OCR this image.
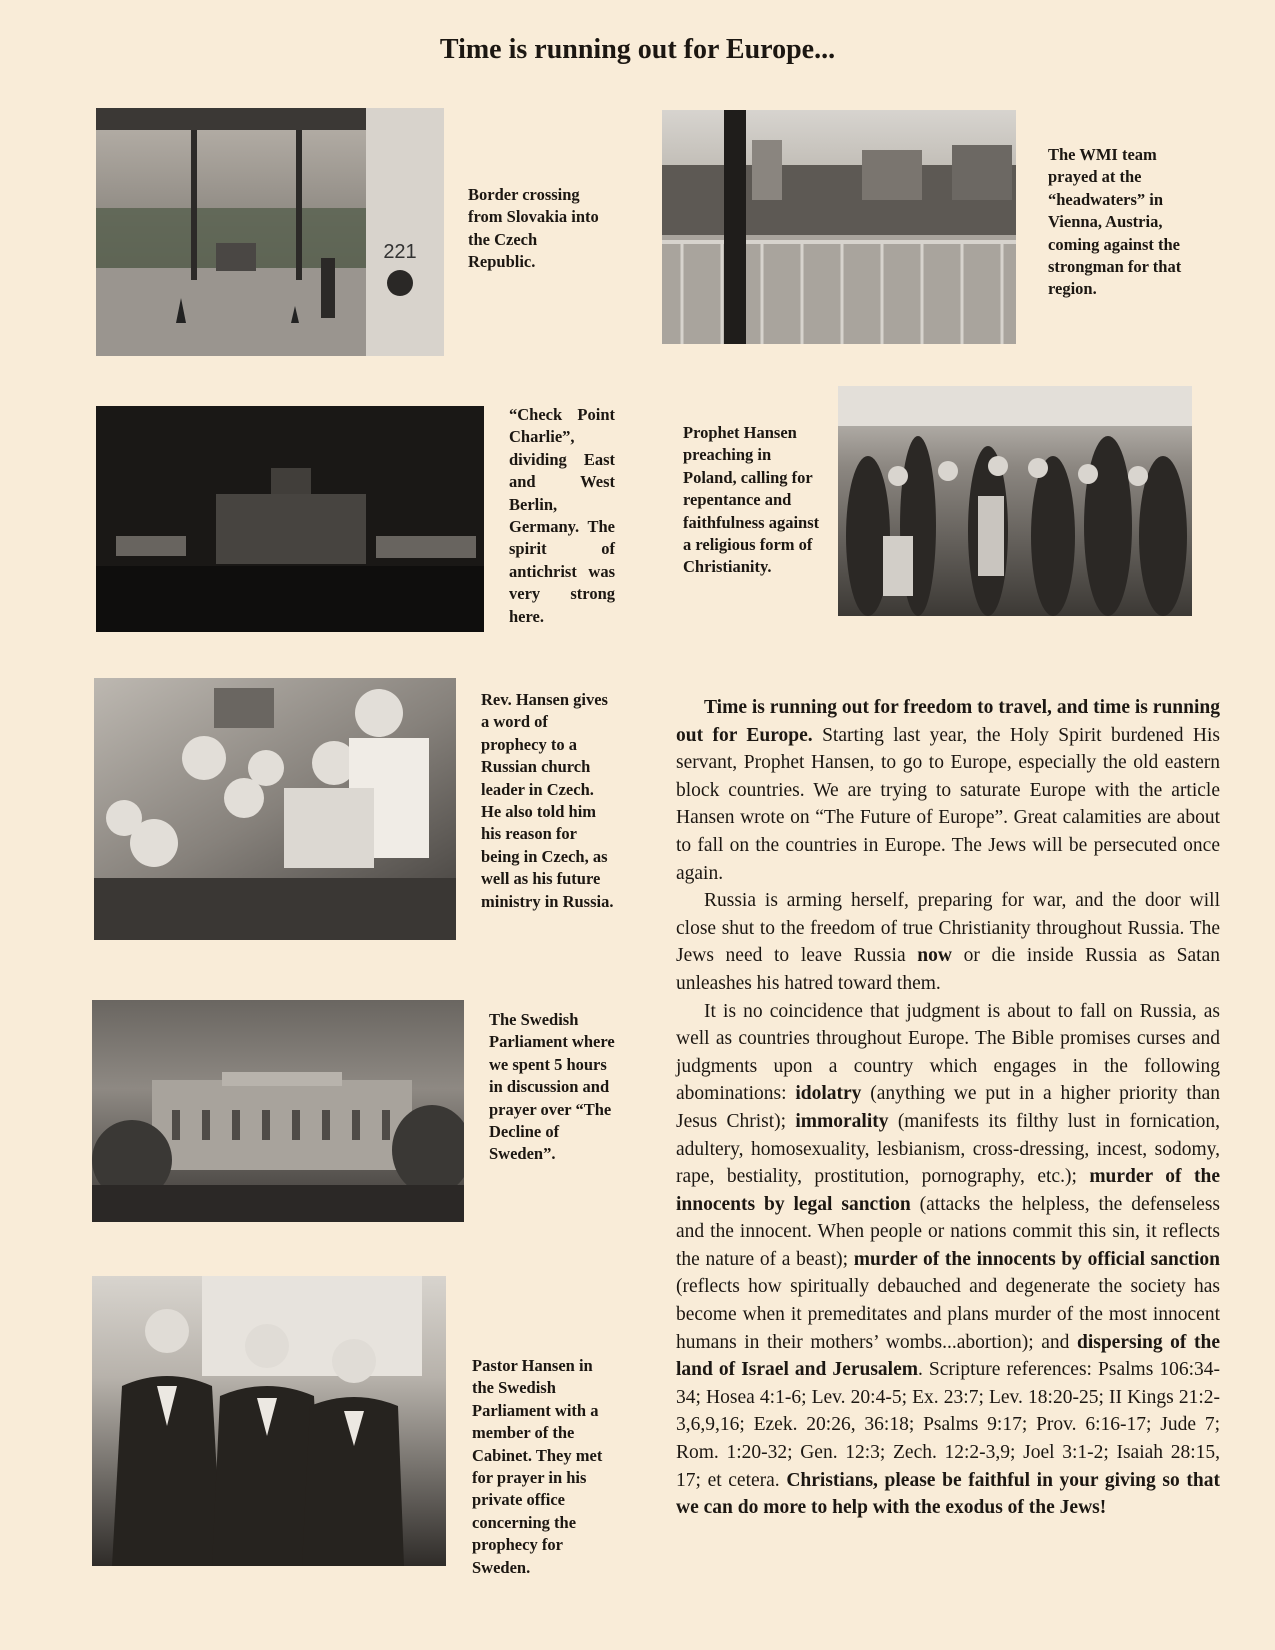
Time is running out for Europe...
221
Border crossing from Slovakia into the Czech Republic.
The WMI team prayed at the “headwaters” in Vienna, Austria, coming against the strongman for that region.
“Check Point Charlie”, dividing East and West Berlin, Germany. The spirit of antichrist was very strong here.
Prophet Hansen preaching in Poland, calling for repentance and faithfulness against a religious form of Christianity.
Rev. Hansen gives a word of prophecy to a Russian church leader in Czech. He also told him his reason for being in Czech, as well as his future ministry in Russia.
The Swedish Parliament where we spent 5 hours in discussion and prayer over “The Decline of Sweden”.
Pastor Hansen in the Swedish Parliament with a member of the Cabinet. They met for prayer in his private office concerning the prophecy for Sweden.

Time is running out for freedom to travel, and time is running out for Europe. Starting last year, the Holy Spirit burdened His servant, Prophet Hansen, to go to Europe, especially the old eastern block countries. We are trying to saturate Europe with the article Hansen wrote on “The Future of Europe”. Great calamities are about to fall on the countries in Europe. The Jews will be persecuted once again.

Russia is arming herself, preparing for war, and the door will close shut to the freedom of true Christianity throughout Russia. The Jews need to leave Russia now or die inside Russia as Satan unleashes his hatred toward them.

It is no coincidence that judgment is about to fall on Russia, as well as countries throughout Europe. The Bible promises curses and judgments upon a country which engages in the following abominations: idolatry (anything we put in a higher priority than Jesus Christ); immorality (manifests its filthy lust in fornication, adultery, homosexuality, lesbianism, cross-dressing, incest, sodomy, rape, bestiality, prostitution, pornography, etc.); murder of the innocents by legal sanction (attacks the helpless, the defenseless and the innocent. When people or nations commit this sin, it reflects the nature of a beast); murder of the innocents by official sanction (reflects how spiritually debauched and degenerate the society has become when it premeditates and plans murder of the most innocent humans in their mothers’ wombs...abortion); and dispersing of the land of Israel and Jerusalem. Scripture references: Psalms 106:34-34; Hosea 4:1-6; Lev. 20:4-5; Ex. 23:7; Lev. 18:20-25; II Kings 21:2-3,6,9,16; Ezek. 20:26, 36:18; Psalms 9:17; Prov. 6:16-17; Jude 7; Rom. 1:20-32; Gen. 12:3; Zech. 12:2-3,9; Joel 3:1-2; Isaiah 28:15, 17; et cetera. Christians, please be faithful in your giving so that we can do more to help with the exodus of the Jews!
